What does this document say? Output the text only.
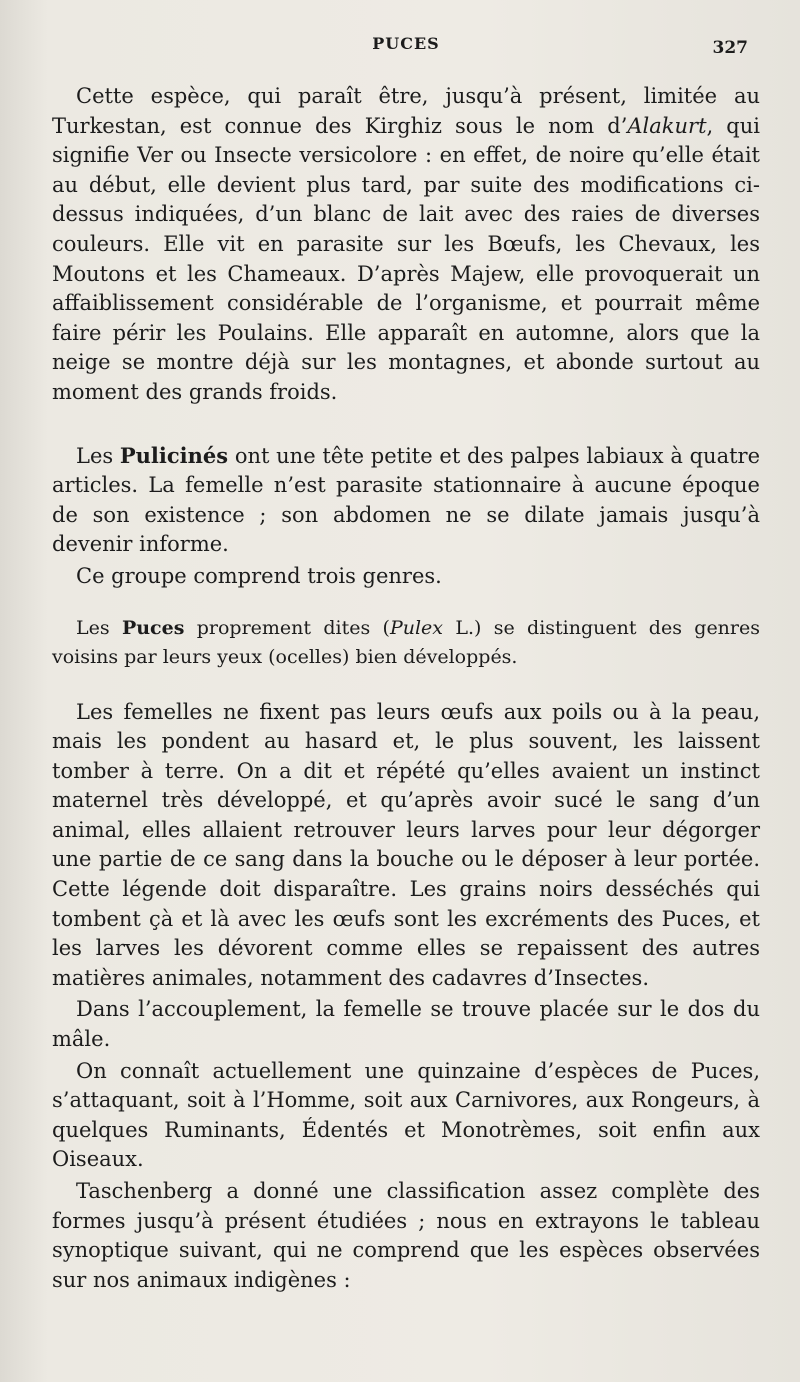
PUCES	327

Cette espèce, qui paraît être, jusqu’à présent, limitée au Turkestan, est connue des Kirghiz sous le nom d’Alakurt, qui signifie Ver ou Insecte versicolore : en effet, de noire qu’elle était au début, elle devient plus tard, par suite des modifications ci-dessus indiquées, d’un blanc de lait avec des raies de diverses couleurs. Elle vit en parasite sur les Bœufs, les Chevaux, les Moutons et les Chameaux. D’après Majew, elle provoquerait un affaiblissement considérable de l’organisme, et pourrait même faire périr les Poulains. Elle apparaît en automne, alors que la neige se montre déjà sur les montagnes, et abonde surtout au moment des grands froids.

Les Pulicinés ont une tête petite et des palpes labiaux à quatre articles. La femelle n’est parasite stationnaire à aucune époque de son existence ; son abdomen ne se dilate jamais jusqu’à devenir informe.

Ce groupe comprend trois genres.

Les Puces proprement dites (Pulex L.) se distinguent des genres voisins par leurs yeux (ocelles) bien développés.

Les femelles ne fixent pas leurs œufs aux poils ou à la peau, mais les pondent au hasard et, le plus souvent, les laissent tomber à terre. On a dit et répété qu’elles avaient un instinct maternel très développé, et qu’après avoir sucé le sang d’un animal, elles allaient retrouver leurs larves pour leur dégorger une partie de ce sang dans la bouche ou le déposer à leur portée. Cette légende doit disparaître. Les grains noirs desséchés qui tombent çà et là avec les œufs sont les excréments des Puces, et les larves les dévorent comme elles se repaissent des autres matières animales, notamment des cadavres d’Insectes.

Dans l’accouplement, la femelle se trouve placée sur le dos du mâle.

On connaît actuellement une quinzaine d’espèces de Puces, s’attaquant, soit à l’Homme, soit aux Carnivores, aux Rongeurs, à quelques Ruminants, Édentés et Monotrèmes, soit enfin aux Oiseaux.

Taschenberg a donné une classification assez complète des formes jusqu’à présent étudiées ; nous en extrayons le tableau synoptique suivant, qui ne comprend que les espèces observées sur nos animaux indigènes :
